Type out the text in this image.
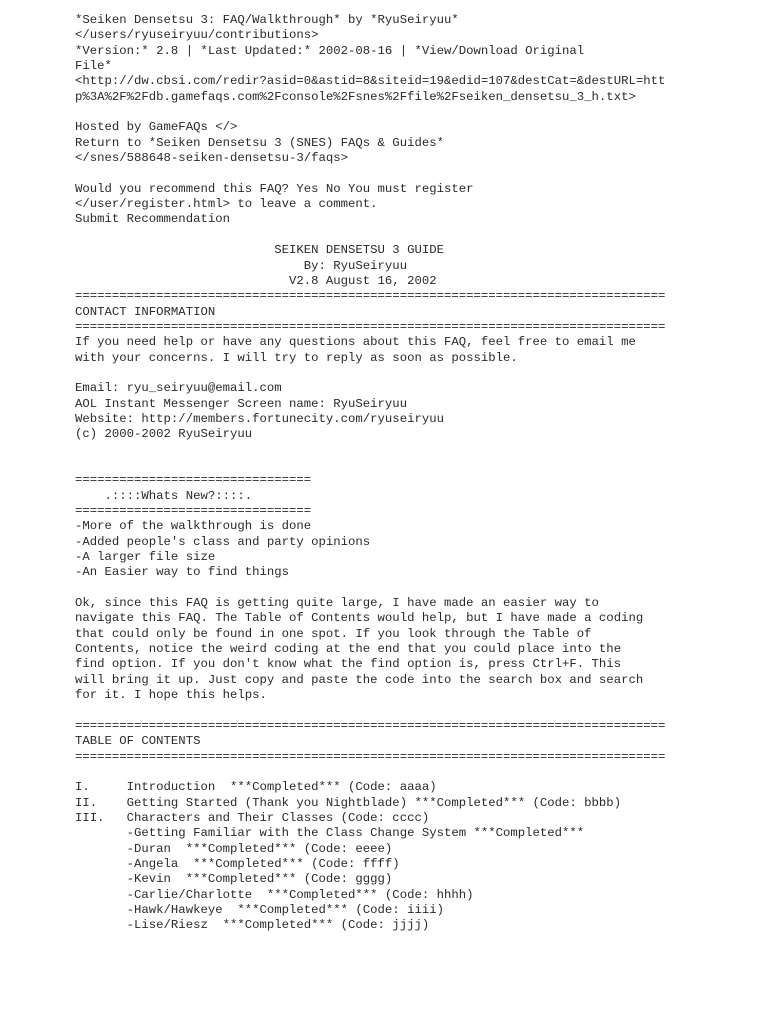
*Seiken Densetsu 3: FAQ/Walkthrough* by *RyuSeiryuu*
</users/ryuseiryuu/contributions>
*Version:* 2.8 | *Last Updated:* 2002-08-16 | *View/Download Original
File*
<http://dw.cbsi.com/redir?asid=0&astid=8&siteid=19&edid=107&destCat=&destURL=htt
p%3A%2F%2Fdb.gamefaqs.com%2Fconsole%2Fsnes%2Ffile%2Fseiken_densetsu_3_h.txt>
Hosted by GameFAQs </>
Return to *Seiken Densetsu 3 (SNES) FAQs & Guides*
</snes/588648-seiken-densetsu-3/faqs>
Would you recommend this FAQ? Yes No You must register
</user/register.html> to leave a comment.
Submit Recommendation
SEIKEN DENSETSU 3 GUIDE
By: RyuSeiryuu
V2.8 August 16, 2002
================================================================================
CONTACT INFORMATION
================================================================================
If you need help or have any questions about this FAQ, feel free to email me
with your concerns. I will try to reply as soon as possible.
Email: ryu_seiryuu@email.com
AOL Instant Messenger Screen name: RyuSeiryuu
Website: http://members.fortunecity.com/ryuseiryuu
(c) 2000-2002 RyuSeiryuu
================================
.::::Whats New?::::.
================================
-More of the walkthrough is done
-Added people's class and party opinions
-A larger file size
-An Easier way to find things
Ok, since this FAQ is getting quite large, I have made an easier way to
navigate this FAQ. The Table of Contents would help, but I have made a coding
that could only be found in one spot. If you look through the Table of
Contents, notice the weird coding at the end that you could place into the
find option. If you don't know what the find option is, press Ctrl+F. This
will bring it up. Just copy and paste the code into the search box and search
for it. I hope this helps.
================================================================================
TABLE OF CONTENTS
================================================================================
I.     Introduction  ***Completed*** (Code: aaaa)
II.    Getting Started (Thank you Nightblade) ***Completed*** (Code: bbbb)
III.   Characters and Their Classes (Code: cccc)
-Getting Familiar with the Class Change System ***Completed***
-Duran  ***Completed*** (Code: eeee)
-Angela  ***Completed*** (Code: ffff)
-Kevin  ***Completed*** (Code: gggg)
-Carlie/Charlotte  ***Completed*** (Code: hhhh)
-Hawk/Hawkeye  ***Completed*** (Code: iiii)
-Lise/Riesz  ***Completed*** (Code: jjjj)
